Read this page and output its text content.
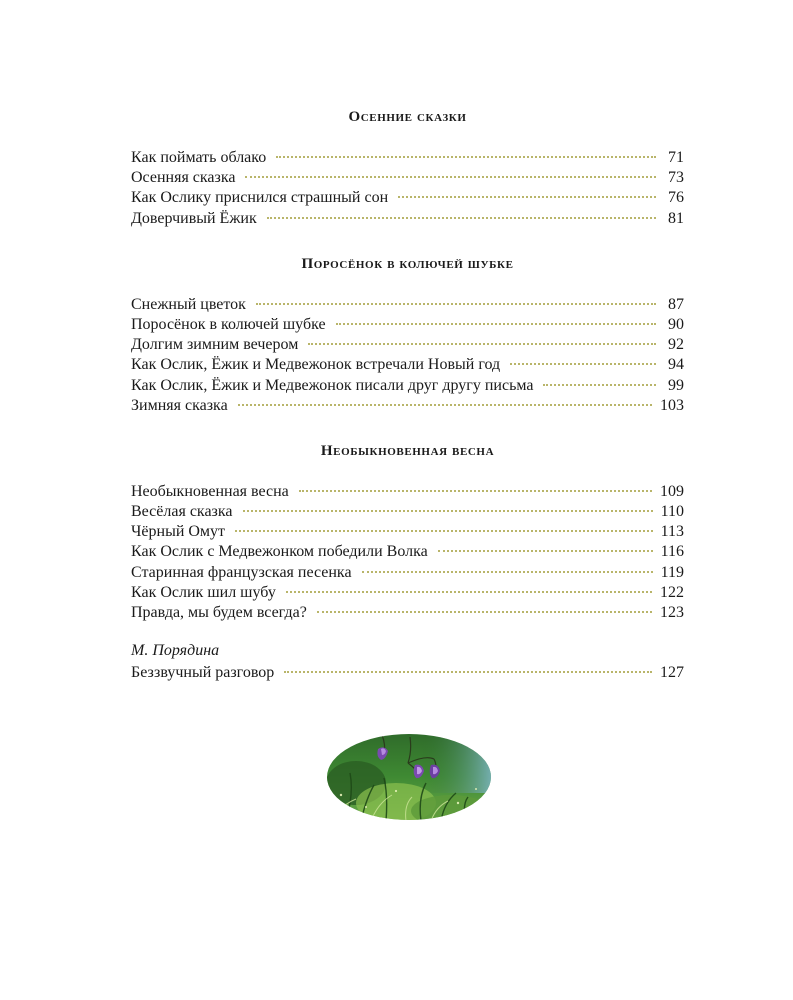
Осенние сказки
Как поймать облако	71
Осенняя сказка	73
Как Ослику приснился страшный сон	76
Доверчивый Ёжик	81
Поросёнок в колючей шубке
Снежный цветок	87
Поросёнок в колючей шубке	90
Долгим зимним вечером	92
Как Ослик, Ёжик и Медвежонок встречали Новый год	94
Как Ослик, Ёжик и Медвежонок писали друг другу письма	99
Зимняя сказка	103
Необыкновенная весна
Необыкновенная весна	109
Весёлая сказка	110
Чёрный Омут	113
Как Ослик с Медвежонком победили Волка	116
Старинная французская песенка	119
Как Ослик шил шубу	122
Правда, мы будем всегда?	123

М. Порядина

Беззвучный разговор	127
